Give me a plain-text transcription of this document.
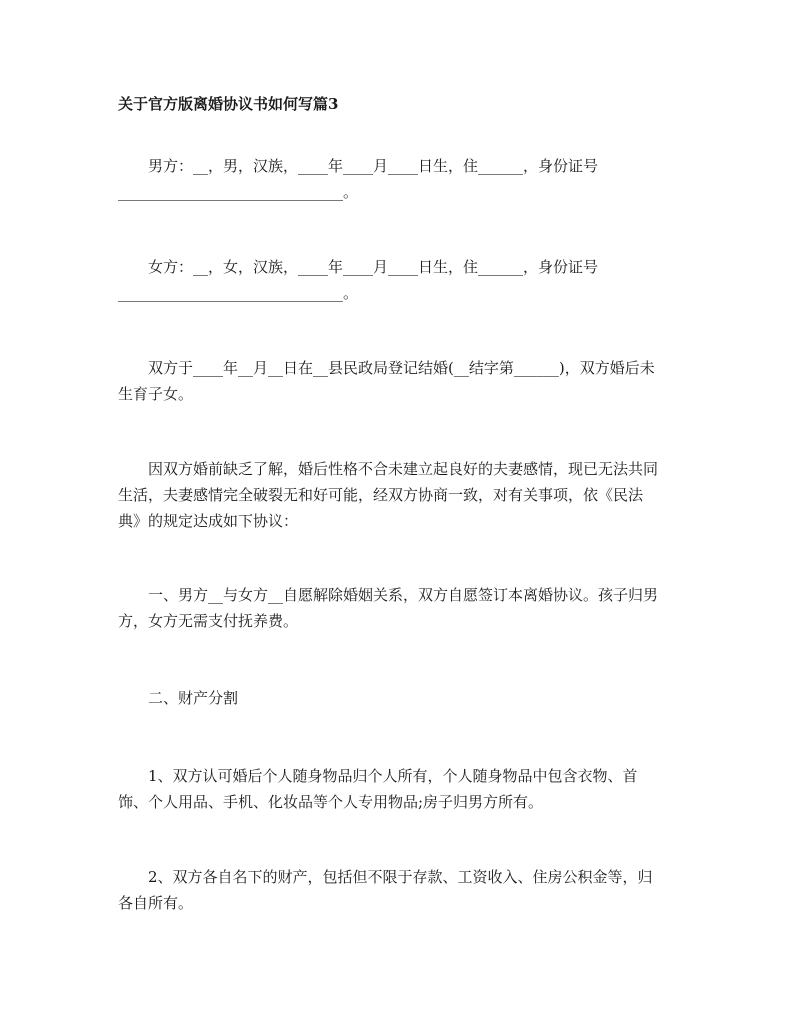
关于官方版离婚协议书如何写篇3
男方：__，男，汉族，____年____月____日生，住______，身份证号
______________________________。
女方：__，女，汉族，____年____月____日生，住______，身份证号
______________________________。
双方于____年__月__日在__县民政局登记结婚(__结字第______)，双方婚后未
生育子女。
因双方婚前缺乏了解，婚后性格不合未建立起良好的夫妻感情，现已无法共同
生活，夫妻感情完全破裂无和好可能，经双方协商一致，对有关事项，依《民法
典》的规定达成如下协议：
一、男方__与女方__自愿解除婚姻关系，双方自愿签订本离婚协议。孩子归男
方，女方无需支付抚养费。
二、财产分割
1、双方认可婚后个人随身物品归个人所有，个人随身物品中包含衣物、首
饰、个人用品、手机、化妆品等个人专用物品;房子归男方所有。
2、双方各自名下的财产，包括但不限于存款、工资收入、住房公积金等，归
各自所有。
